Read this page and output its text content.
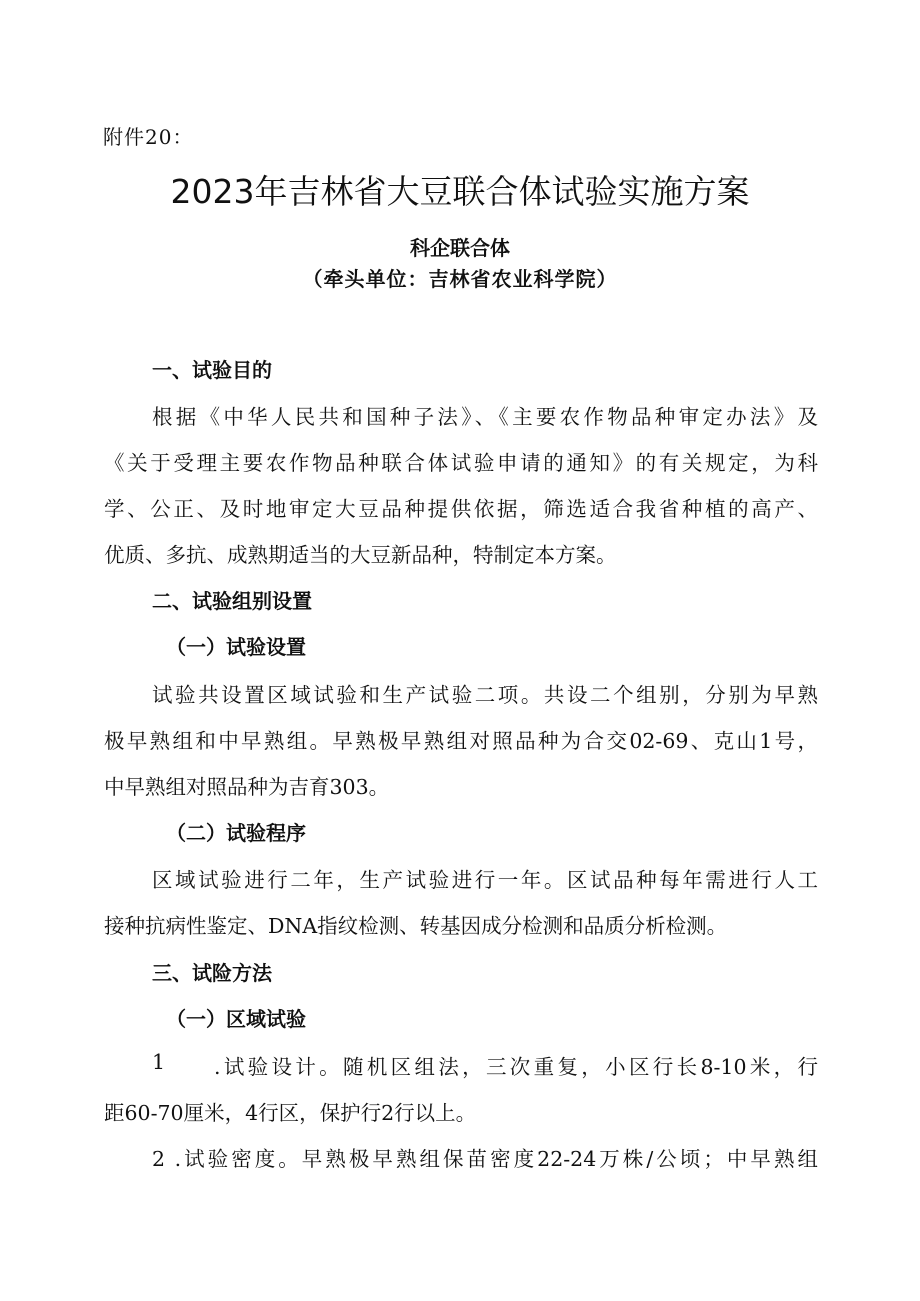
附件20：
2023年吉林省大豆联合体试验实施方案
科企联合体
（牵头单位：吉林省农业科学院）
一、试验目的
根据《中华人民共和国种子法》、《主要农作物品种审定办法》及
《关于受理主要农作物品种联合体试验申请的通知》的有关规定，为科
学、公正、及时地审定大豆品种提供依据，筛选适合我省种植的高产、
优质、多抗、成熟期适当的大豆新品种，特制定本方案。
二、试验组别设置
（一）试验设置
试验共设置区域试验和生产试验二项。共设二个组别，分别为早熟
极早熟组和中早熟组。早熟极早熟组对照品种为合交02-69、克山1号，
中早熟组对照品种为吉育303。
（二）试验程序
区域试验进行二年，生产试验进行一年。区试品种每年需进行人工
接种抗病性鉴定、DNA指纹检测、转基因成分检测和品质分析检测。
三、试险方法
（一）区域试验
1 .试验设计。随机区组法，三次重复，小区行长8-10米，行
距60-70厘米，4行区，保护行2行以上。
2 .试验密度。早熟极早熟组保苗密度22-24万株/公顷；中早熟组
